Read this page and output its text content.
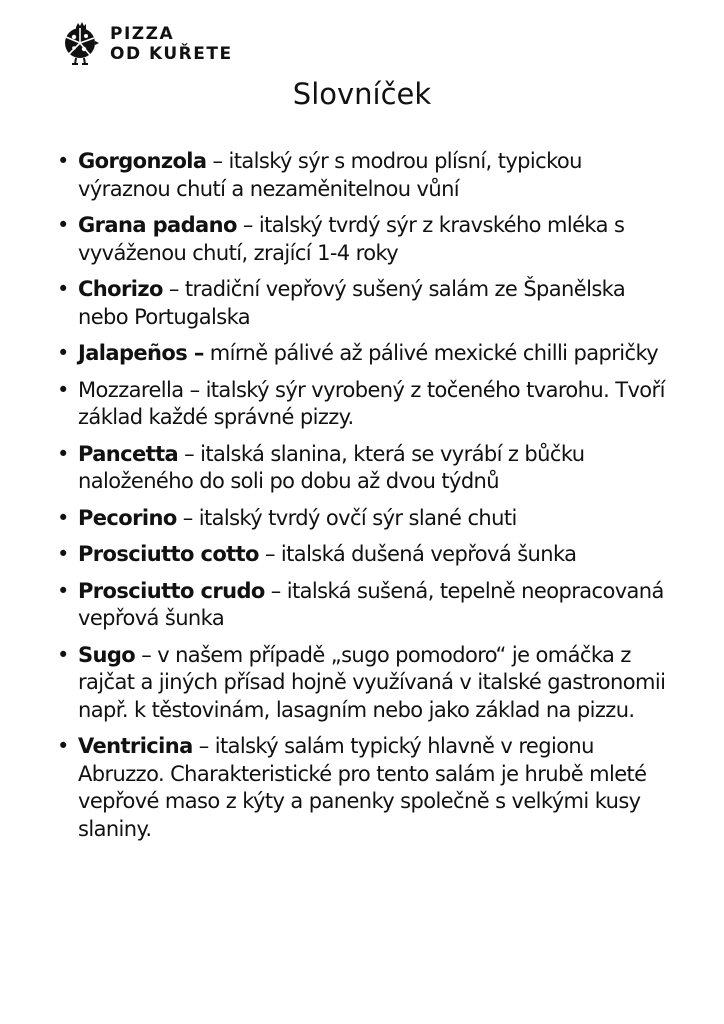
PIZZA
OD KUŘETE
Slovníček
• Gorgonzola – italský sýr s modrou plísní, typickou výraznou chutí a nezaměnitelnou vůní
• Grana padano – italský tvrdý sýr z kravského mléka s vyváženou chutí, zrající 1-4 roky
• Chorizo – tradiční vepřový sušený salám ze Španělska nebo Portugalska
• Jalapeños – mírně pálivé až pálivé mexické chilli papričky
• Mozzarella – italský sýr vyrobený z točeného tvarohu. Tvoří základ každé správné pizzy.
• Pancetta – italská slanina, která se vyrábí z bůčku naloženého do soli po dobu až dvou týdnů
• Pecorino – italský tvrdý ovčí sýr slané chuti
• Prosciutto cotto – italská dušená vepřová šunka
• Prosciutto crudo – italská sušená, tepelně neopracovaná vepřová šunka
• Sugo – v našem případě „sugo pomodoro“ je omáčka z rajčat a jiných přísad hojně využívaná v italské gastronomii např. k těstovinám, lasagním nebo jako základ na pizzu.
• Ventricina – italský salám typický hlavně v regionu Abruzzo. Charakteristické pro tento salám je hrubě mleté vepřové maso z kýty a panenky společně s velkými kusy slaniny.
